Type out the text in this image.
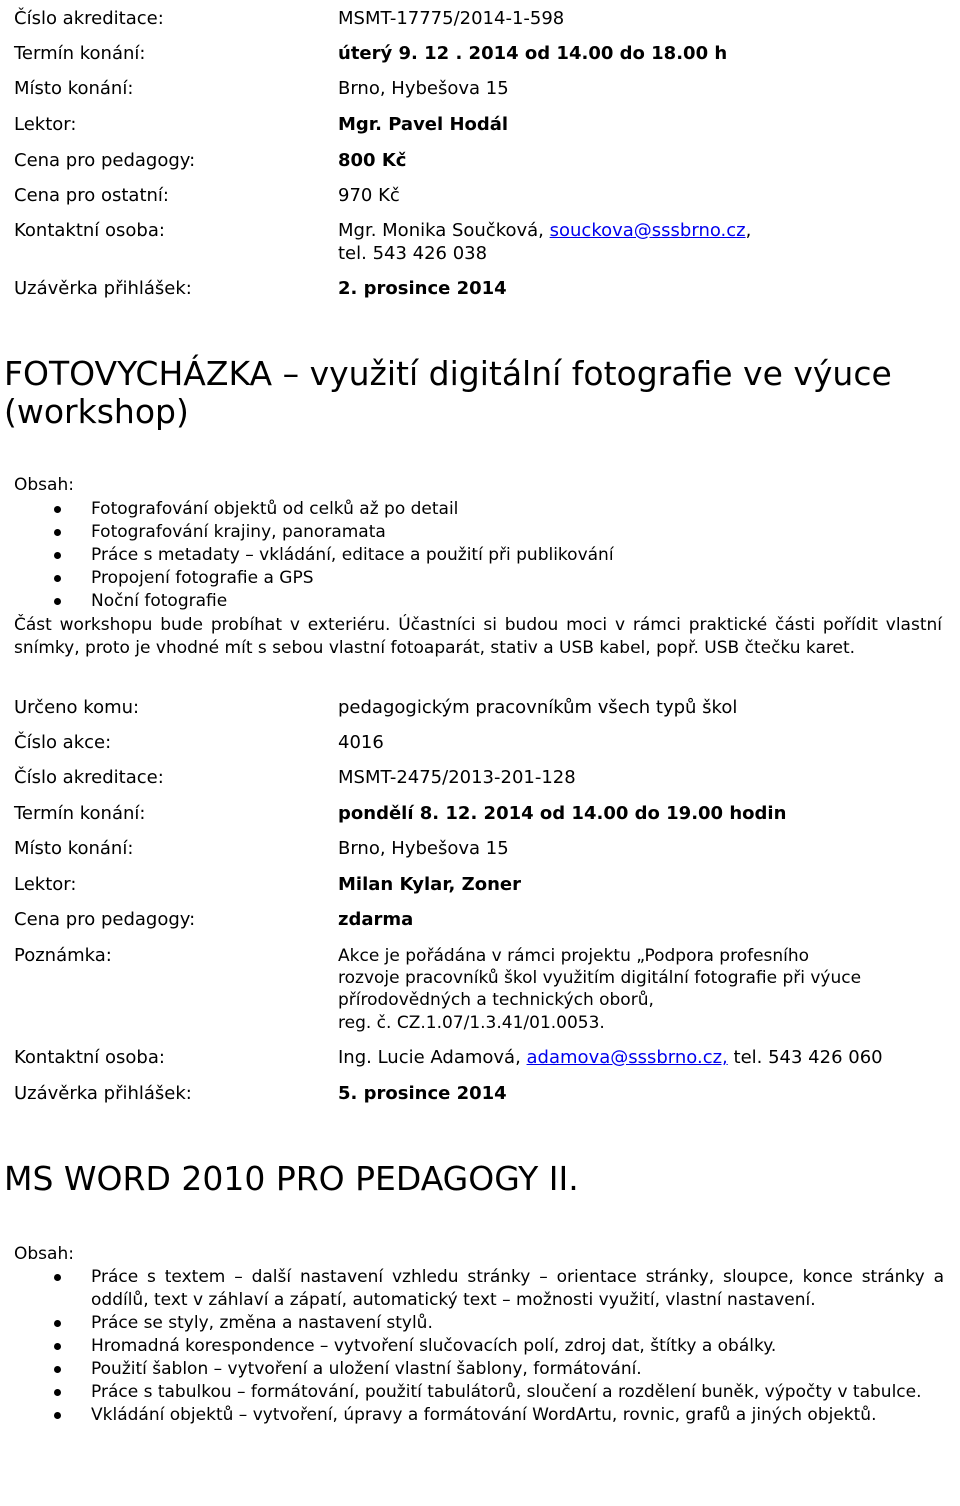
Číslo akreditace:	MSMT-17775/2014-1-598
Termín konání:	úterý 9. 12 . 2014 od 14.00 do 18.00 h
Místo konání:	Brno, Hybešova 15
Lektor:	Mgr. Pavel Hodál
Cena pro pedagogy:	800 Kč
Cena pro ostatní:	970 Kč
Kontaktní osoba:	Mgr. Monika Součková, souckova@sssbrno.cz,
tel. 543 426 038
Uzávěrka přihlášek:	2. prosince 2014
FOTOVYCHÁZKA – využití digitální fotografie ve výuce
(workshop)
Obsah:
Fotografování objektů od celků až po detail
Fotografování krajiny, panoramata
Práce s metadaty – vkládání, editace a použití při publikování
Propojení fotografie a GPS
Noční fotografie
Část workshopu bude probíhat v exteriéru. Účastníci si budou moci v rámci praktické části pořídit vlastní snímky, proto je vhodné mít s sebou vlastní fotoaparát, stativ a USB kabel, popř. USB čtečku karet.
Určeno komu:	pedagogickým pracovníkům všech typů škol
Číslo akce:	4016
Číslo akreditace:	MSMT-2475/2013-201-128
Termín konání:	pondělí 8. 12. 2014 od 14.00 do 19.00 hodin
Místo konání:	Brno, Hybešova 15
Lektor:	Milan Kylar, Zoner
Cena pro pedagogy:	zdarma
Poznámka:	Akce je pořádána v rámci projektu „Podpora profesního
rozvoje pracovníků škol využitím digitální fotografie při výuce
přírodovědných a technických oborů,
reg. č. CZ.1.07/1.3.41/01.0053.
Kontaktní osoba:	Ing. Lucie Adamová, adamova@sssbrno.cz, tel. 543 426 060
Uzávěrka přihlášek:	5. prosince 2014
MS WORD 2010 PRO PEDAGOGY II.
Obsah:
Práce s textem – další nastavení vzhledu stránky – orientace stránky, sloupce, konce stránky a oddílů, text v záhlaví a zápatí, automatický text – možnosti využití, vlastní nastavení.
Práce se styly, změna a nastavení stylů.
Hromadná korespondence – vytvoření slučovacích polí, zdroj dat, štítky a obálky.
Použití šablon – vytvoření a uložení vlastní šablony, formátování.
Práce s tabulkou – formátování, použití tabulátorů, sloučení a rozdělení buněk, výpočty v tabulce.
Vkládání objektů – vytvoření, úpravy a formátování WordArtu, rovnic, grafů a jiných objektů.
